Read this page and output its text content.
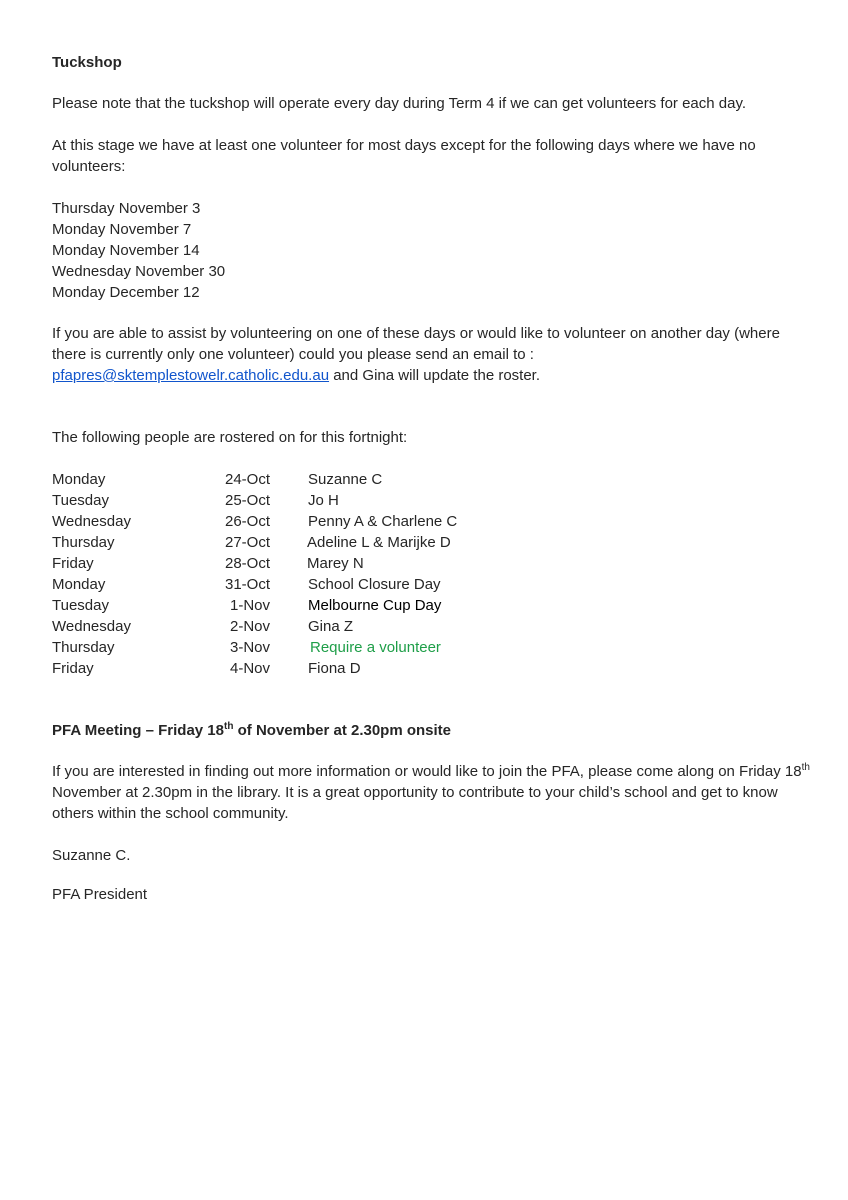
Tuckshop
Please note that the tuckshop will operate every day during Term 4 if we can get volunteers for each day.
At this stage we have at least one volunteer for most days except for the following days where we have no volunteers:
Thursday November 3
Monday November 7
Monday November 14
Wednesday November 30
Monday December 12
If you are able to assist by volunteering on one of these days or would like to volunteer on another day (where there is currently only one volunteer) could you please send an email to : pfapres@sktemplestowelr.catholic.edu.au and Gina will update the roster.
The following people are rostered on for this fortnight:
Monday	24-Oct	Suzanne C
Tuesday	25-Oct	Jo H
Wednesday	26-Oct	Penny A & Charlene C
Thursday	27-Oct Adeline L & Marijke D
Friday	28-Oct Marey N
Monday	31-Oct	School Closure Day
Tuesday	1-Nov	Melbourne Cup Day
Wednesday	2-Nov	Gina Z
Thursday	3-Nov	Require a volunteer
Friday	4-Nov	Fiona D
PFA Meeting – Friday 18th of November at 2.30pm onsite
If you are interested in finding out more information or would like to join the PFA, please come along on Friday 18th November at 2.30pm in the library. It is a great opportunity to contribute to your child’s school and get to know others within the school community.
Suzanne C.
PFA President
